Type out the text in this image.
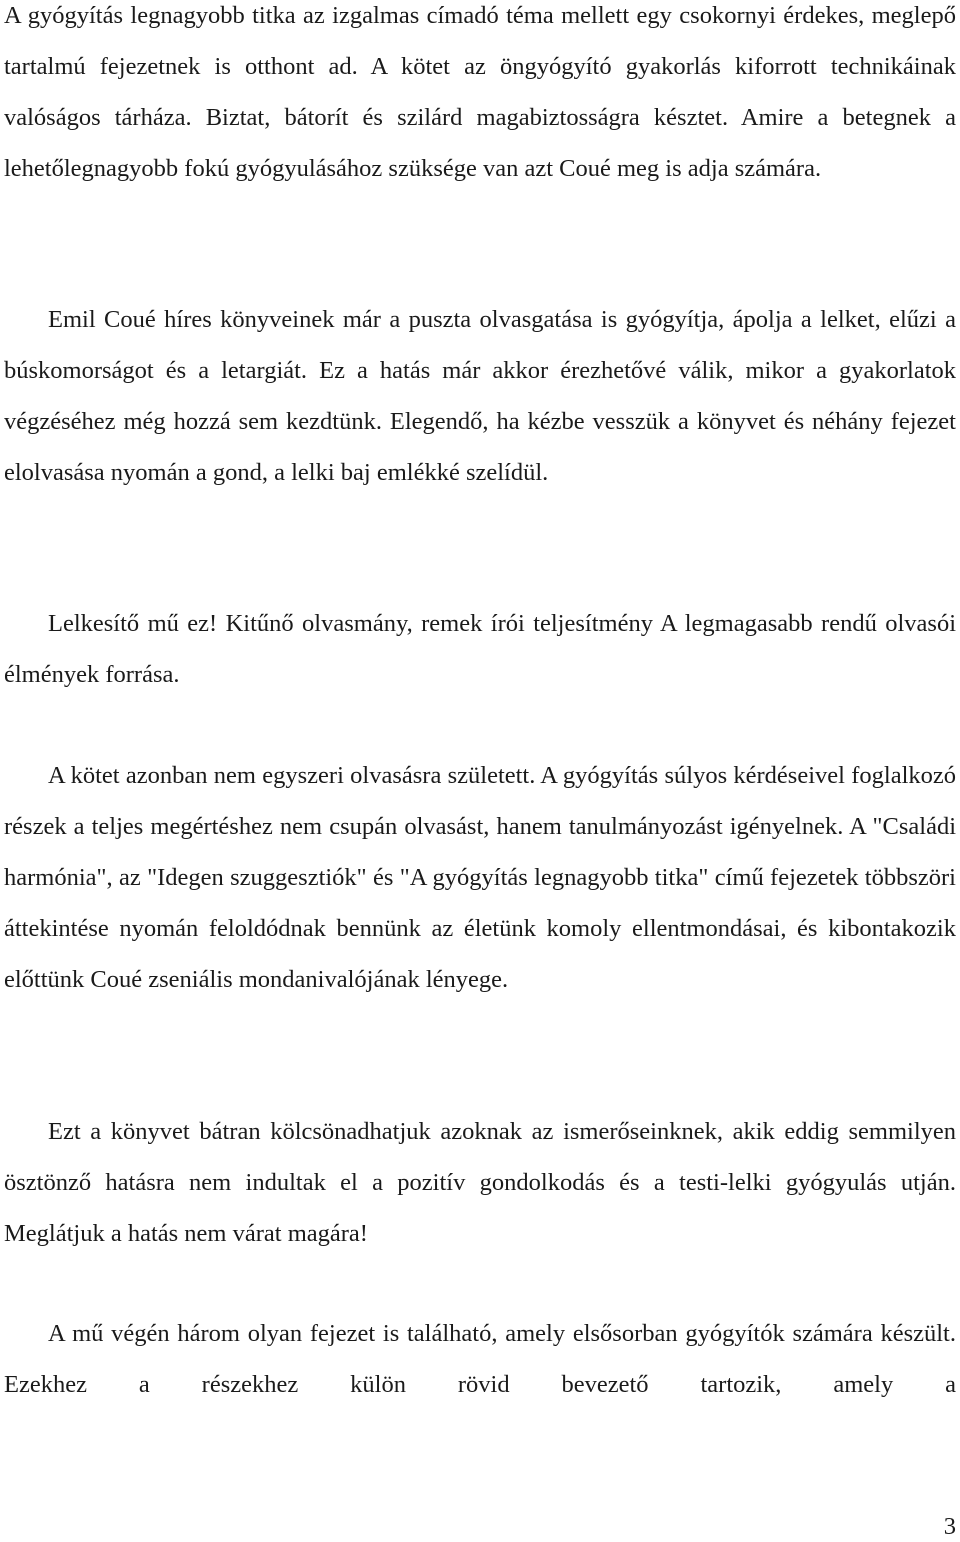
A gyógyítás legnagyobb titka az izgalmas címadó téma mellett egy csokornyi érdekes, meglepő tartalmú fejezetnek is otthont ad. A kötet az öngyógyító gyakorlás kiforrott technikáinak valóságos tárháza. Biztat, bátorít és szilárd magabiztosságra késztet. Amire a betegnek a lehetőlegnagyobb fokú gyógyulásához szüksége van azt Coué meg is adja számára.

Emil Coué híres könyveinek már a puszta olvasgatása is gyógyítja, ápolja a lelket, elűzi a búskomorságot és a letargiát. Ez a hatás már akkor érezhetővé válik, mikor a gyakorlatok végzéséhez még hozzá sem kezdtünk. Elegendő, ha kézbe vesszük a könyvet és néhány fejezet elolvasása nyomán a gond, a lelki baj emlékké szelídül.

Lelkesítő mű ez! Kitűnő olvasmány, remek írói teljesítmény A legmagasabb rendű olvasói élmények forrása.

A kötet azonban nem egyszeri olvasásra született. A gyógyítás súlyos kérdéseivel foglalkozó részek a teljes megértéshez nem csupán olvasást, hanem tanulmányozást igényelnek. A "Családi harmónia", az "Idegen szuggesztiók" és "A gyógyítás legnagyobb titka" című fejezetek többszöri áttekintése nyomán feloldódnak bennünk az életünk komoly ellentmondásai, és kibontakozik előttünk Coué zseniális mondanivalójának lényege.

Ezt a könyvet bátran kölcsönadhatjuk azoknak az ismerőseinknek, akik eddig semmilyen ösztönző hatásra nem indultak el a pozitív gondolkodás és a testi-lelki gyógyulás utján. Meglátjuk a hatás nem várat magára!

A mű végén három olyan fejezet is található, amely elsősorban gyógyítók számára készült. Ezekhez a részekhez külön rövid bevezető tartozik, amely a

3
